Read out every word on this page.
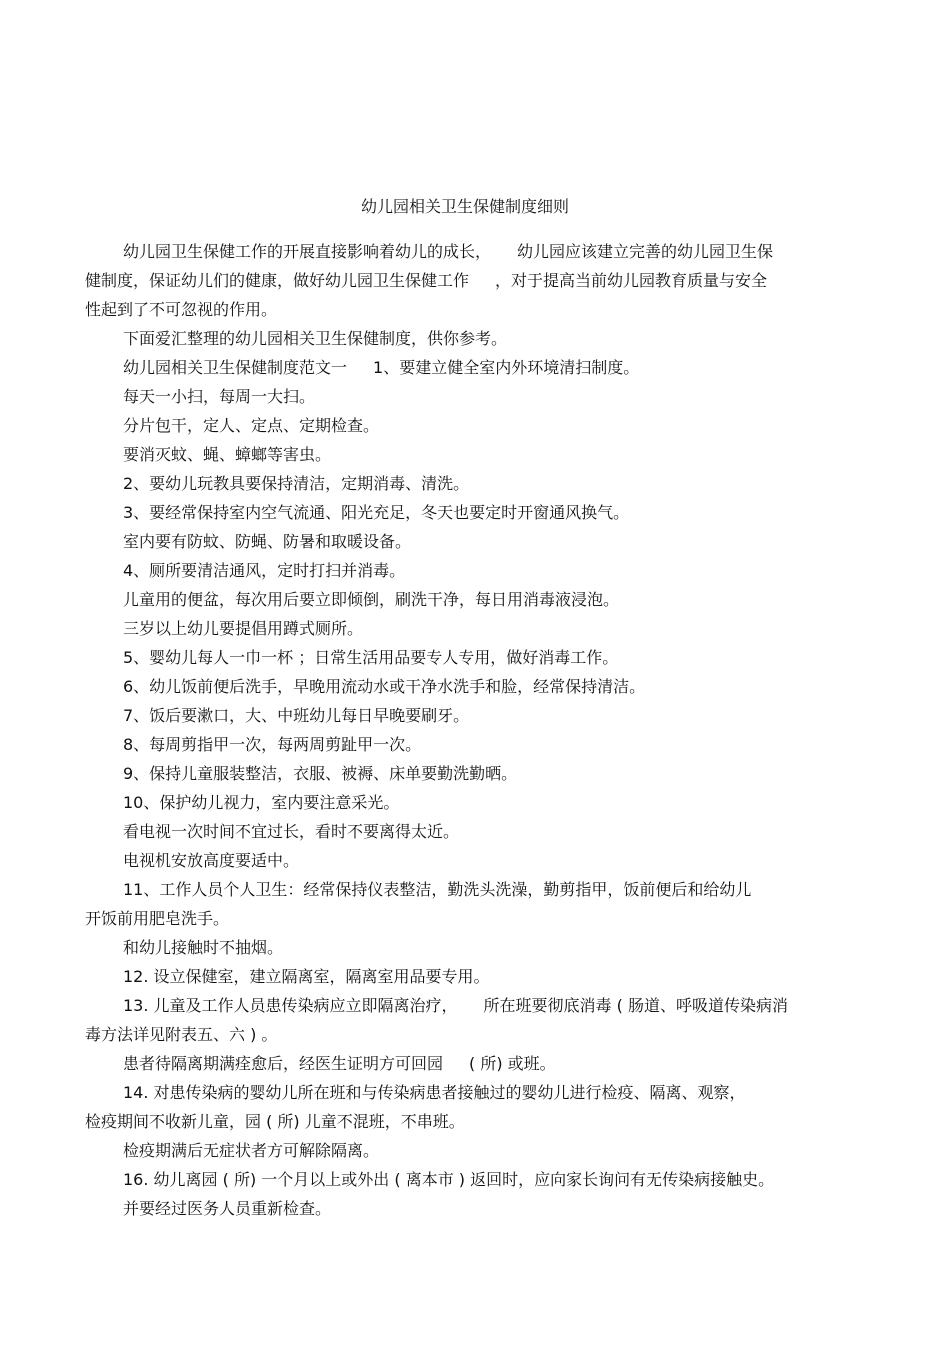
幼儿园相关卫生保健制度细则

幼儿园卫生保健工作的开展直接影响着幼儿的成长， 幼儿园应该建立完善的幼儿园卫生保

健制度，保证幼儿们的健康，做好幼儿园卫生保健工作 ，对于提高当前幼儿园教育质量与安全

性起到了不可忽视的作用。

下面爱汇整理的幼儿园相关卫生保健制度，供你参考。

幼儿园相关卫生保健制度范文一 1、要建立健全室内外环境清扫制度。

每天一小扫，每周一大扫。

分片包干，定人、定点、定期检查。

要消灭蚊、蝇、蟑螂等害虫。

2、要幼儿玩教具要保持清洁，定期消毒、清洗。

3、要经常保持室内空气流通、阳光充足，冬天也要定时开窗通风换气。

室内要有防蚊、防蝇、防暑和取暖设备。

4、厕所要清洁通风，定时打扫并消毒。

儿童用的便盆，每次用后要立即倾倒，刷洗干净，每日用消毒液浸泡。

三岁以上幼儿要提倡用蹲式厕所。

5、婴幼儿每人一巾一杯 ；日常生活用品要专人专用，做好消毒工作。

6、幼儿饭前便后洗手，早晚用流动水或干净水洗手和脸，经常保持清洁。

7、饭后要漱口，大、中班幼儿每日早晚要刷牙。

8、每周剪指甲一次，每两周剪趾甲一次。

9、保持儿童服装整洁，衣服、被褥、床单要勤洗勤晒。

10、保护幼儿视力，室内要注意采光。

看电视一次时间不宜过长，看时不要离得太近。

电视机安放高度要适中。

11、工作人员个人卫生：经常保持仪表整洁，勤洗头洗澡，勤剪指甲，饭前便后和给幼儿

开饭前用肥皂洗手。

和幼儿接触时不抽烟。

12. 设立保健室，建立隔离室，隔离室用品要专用。

13. 儿童及工作人员患传染病应立即隔离治疗， 所在班要彻底消毒 ( 肠道、呼吸道传染病消

毒方法详见附表五、六 ) 。

患者待隔离期满痊愈后，经医生证明方可回园 ( 所) 或班。

14. 对患传染病的婴幼儿所在班和与传染病患者接触过的婴幼儿进行检疫、隔离、观察，

检疫期间不收新儿童，园 ( 所) 儿童不混班，不串班。

检疫期满后无症状者方可解除隔离。

16. 幼儿离园 ( 所) 一个月以上或外出 ( 离本市 ) 返回时，应向家长询问有无传染病接触史。

并要经过医务人员重新检查。
